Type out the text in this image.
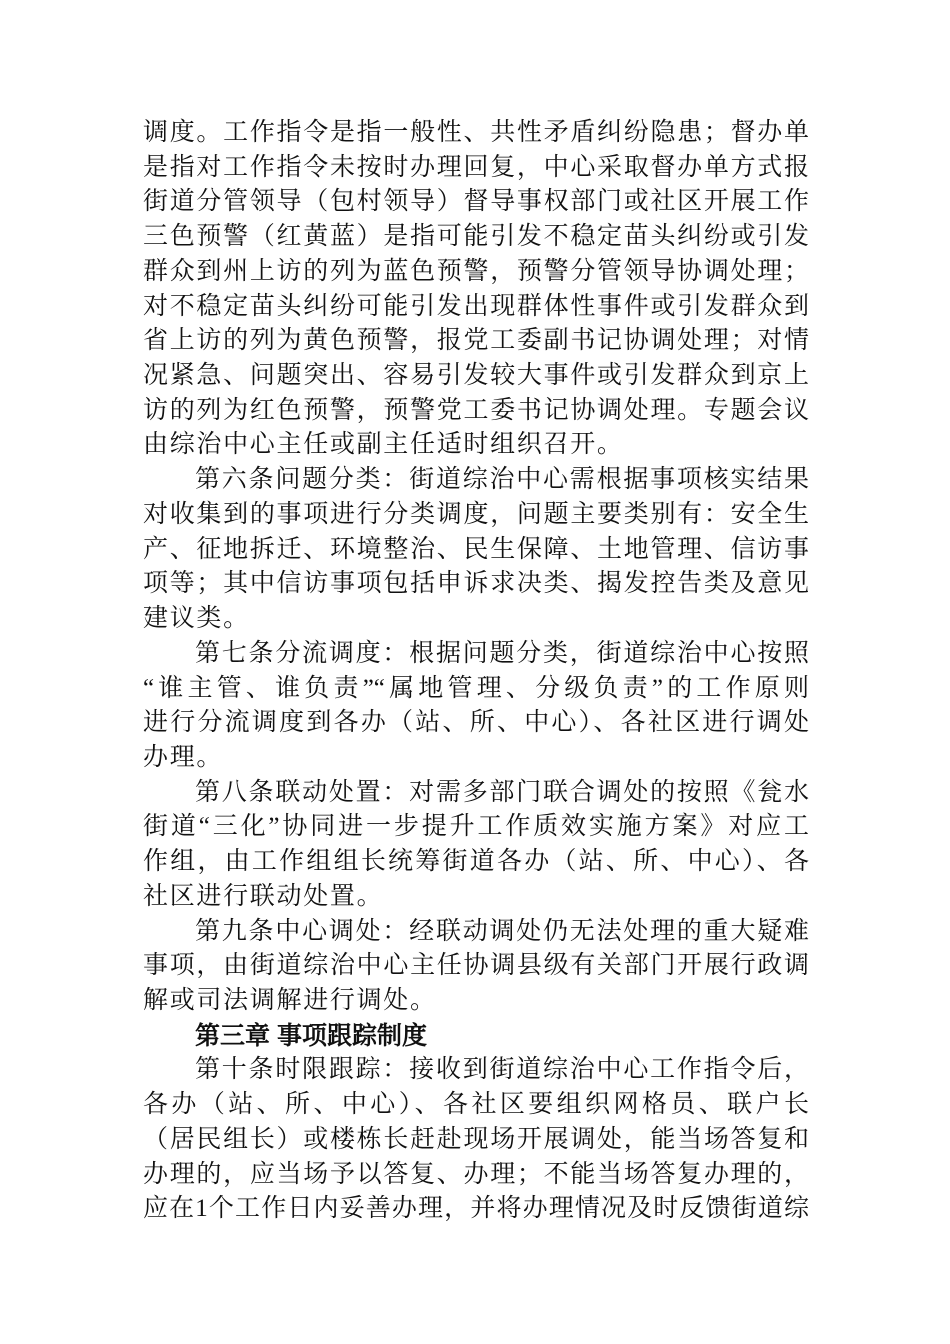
调度。工作指令是指一般性、共性矛盾纠纷隐患；督办单
是指对工作指令未按时办理回复，中心采取督办单方式报
街道分管领导（包村领导）督导事权部门或社区开展工作
三色预警（红黄蓝）是指可能引发不稳定苗头纠纷或引发
群众到州上访的列为蓝色预警，预警分管领导协调处理；
对不稳定苗头纠纷可能引发出现群体性事件或引发群众到
省上访的列为黄色预警，报党工委副书记协调处理；对情
况紧急、问题突出、容易引发较大事件或引发群众到京上
访的列为红色预警，预警党工委书记协调处理。专题会议
由综治中心主任或副主任适时组织召开。
第六条问题分类：街道综治中心需根据事项核实结果
对收集到的事项进行分类调度，问题主要类别有：安全生
产、征地拆迁、环境整治、民生保障、土地管理、信访事
项等；其中信访事项包括申诉求决类、揭发控告类及意见
建议类。
第七条分流调度：根据问题分类，街道综治中心按照
“谁主管、谁负责”“属地管理、分级负责”的工作原则
进行分流调度到各办（站、所、中心）、各社区进行调处
办理。
第八条联动处置：对需多部门联合调处的按照《瓮水
街道“三化”协同进一步提升工作质效实施方案》对应工
作组，由工作组组长统筹街道各办（站、所、中心）、各
社区进行联动处置。
第九条中心调处：经联动调处仍无法处理的重大疑难
事项，由街道综治中心主任协调县级有关部门开展行政调
解或司法调解进行调处。
第三章 事项跟踪制度
第十条时限跟踪：接收到街道综治中心工作指令后，
各办（站、所、中心）、各社区要组织网格员、联户长
（居民组长）或楼栋长赶赴现场开展调处，能当场答复和
办理的，应当场予以答复、办理；不能当场答复办理的，
应在1个工作日内妥善办理，并将办理情况及时反馈街道综
